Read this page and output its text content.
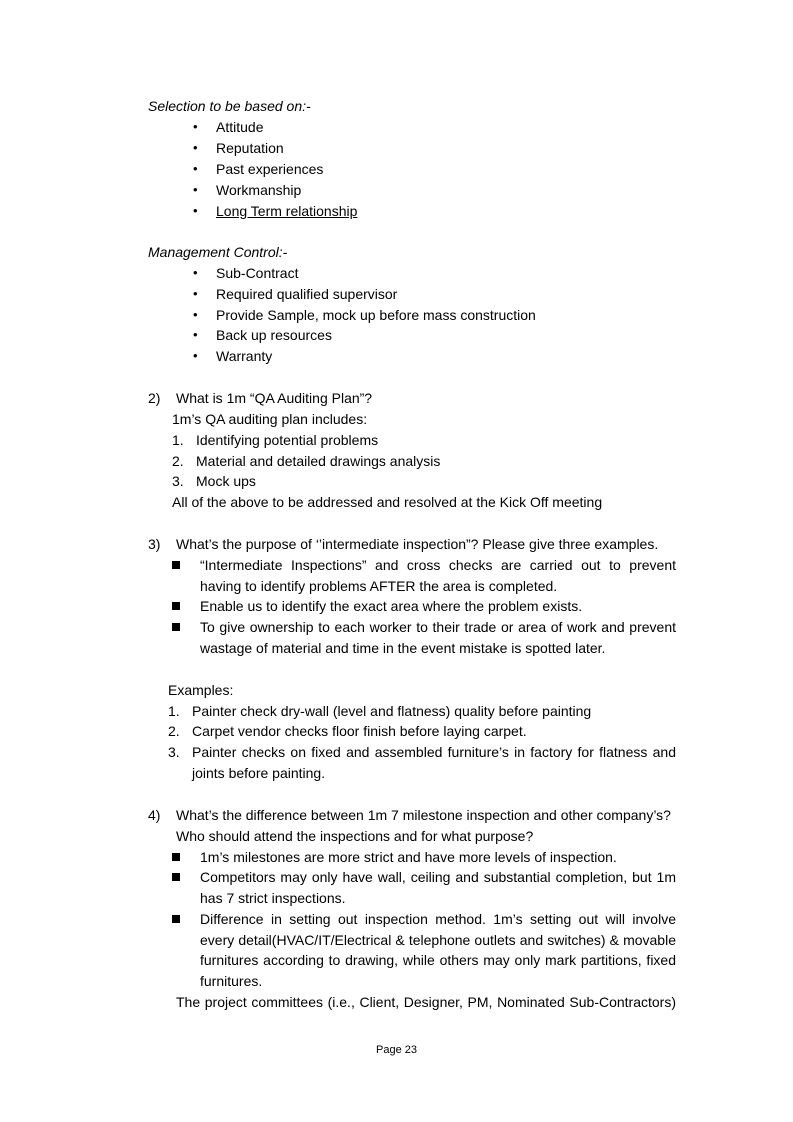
Selection to be based on:-
• Attitude
• Reputation
• Past experiences
• Workmanship
• Long Term relationship
Management Control:-
• Sub-Contract
• Required qualified supervisor
• Provide Sample, mock up before mass construction
• Back up resources
• Warranty
2) What is 1m “QA Auditing Plan”?
1m’s QA auditing plan includes:
1. Identifying potential problems
2. Material and detailed drawings analysis
3. Mock ups
All of the above to be addressed and resolved at the Kick Off meeting
3) What’s the purpose of ‘’intermediate inspection”? Please give three examples.
“Intermediate Inspections” and cross checks are carried out to prevent
having to identify problems AFTER the area is completed.
Enable us to identify the exact area where the problem exists.
To give ownership to each worker to their trade or area of work and prevent
wastage of material and time in the event mistake is spotted later.
Examples:
1. Painter check dry-wall (level and flatness) quality before painting
2. Carpet vendor checks floor finish before laying carpet.
3. Painter checks on fixed and assembled furniture’s in factory for flatness and
joints before painting.
4) What’s the difference between 1m 7 milestone inspection and other company’s?
Who should attend the inspections and for what purpose?
1m’s milestones are more strict and have more levels of inspection.
Competitors may only have wall, ceiling and substantial completion, but 1m
has 7 strict inspections.
Difference in setting out inspection method. 1m’s setting out will involve
every detail(HVAC/IT/Electrical & telephone outlets and switches) & movable
furnitures according to drawing, while others may only mark partitions, fixed
furnitures.
The project committees (i.e., Client, Designer, PM, Nominated Sub-Contractors)
Page 23
